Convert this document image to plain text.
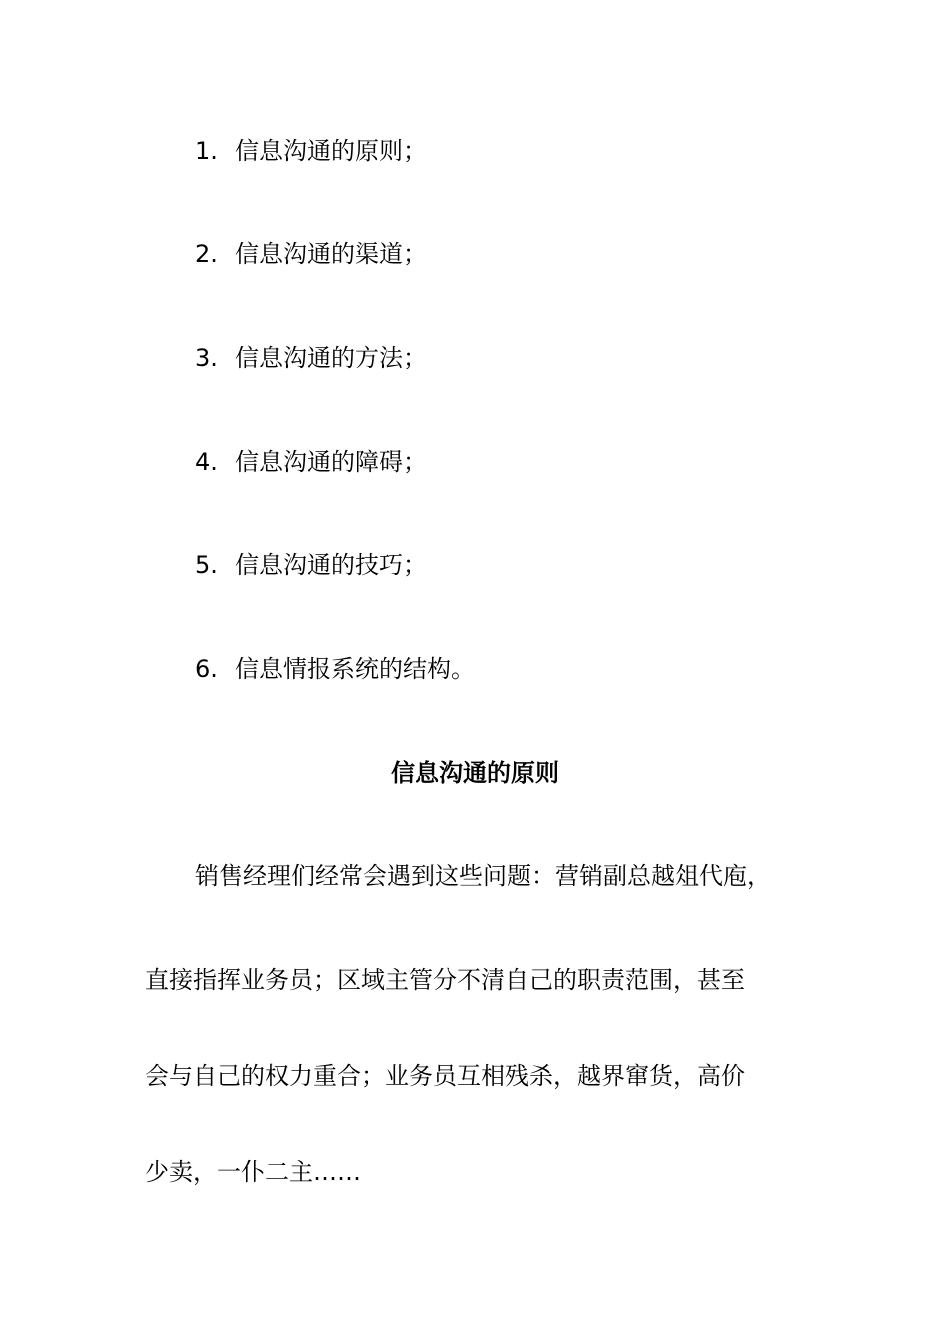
1. 信息沟通的原则；
2. 信息沟通的渠道；
3. 信息沟通的方法；
4. 信息沟通的障碍；
5. 信息沟通的技巧；
6. 信息情报系统的结构。
信息沟通的原则
销售经理们经常会遇到这些问题：营销副总越俎代庖，
直接指挥业务员；区域主管分不清自己的职责范围，甚至
会与自己的权力重合；业务员互相残杀，越界窜货，高价
少卖，一仆二主……
